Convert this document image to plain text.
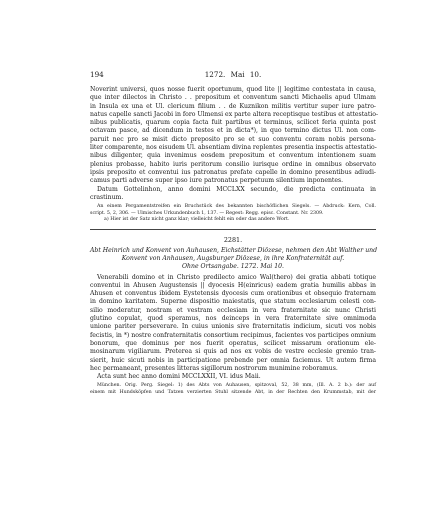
194	1272. Mai 10.
Noverint universi, quos nosse fuerit oportunum, quod lite || legitime contestata in causa,
que inter dilectos in Christo . . prepositum et conventum sancti Michaelis apud Ulmam
in Insula ex una et Ul. clericum filium . . de Kuznikon militis vertitur super iure patro-
natus capelle sancti Jacobi in foro Ulmensi ex parte altera receptisque testibus et attestatio-
nibus publicatis, quarum copia facta fuit partibus et terminus, scilicet feria quinta post
octavam pasce, ad dicendum in testes et in dicta*), in quo termino dictus Ul. non com-
paruit nec pro se misit dicto preposito pro se et suo conventu coram nobis persona-
liter comparente, nos eisudem Ul. absentiam divina replentes presentia inspectis attestatio-
nibus diligenter, quia invenimus eosdem prepositum et conventum intentionem suam
plenius probasse, habito iuris peritorum consilio iurisque ordine in omnibus observato
ipsis preposito et conventui ius patronatus prefate capelle in domino presentibus adiudi-
camus parti adverse super ipso iure patronatus perpetuum silentium inponentes.
Datum Gottelinhon, anno domini MCCLXX secundo, die predicta continuata in
crastinum.
An einem Pergamentstreifen ein Bruchstück des bekannten bischöflichen Siegels. — Abdruck: Kern, Coll.
script. 5, 2, 306. — Ulmisches Urkundenbuch 1, 137. — Regest: Regg. episc. Constant. Nr. 2309.
a) Hier ist der Satz nicht ganz klar; vielleicht fehlt ein oder das andere Wort.
2281.
Abt Heinrich und Konvent von Auhausen, Eichstätter Diözese, nehmen den Abt Walther und
Konvent von Anhausen, Augsburger Diözese, in ihre Konfraternität auf.
Ohne Ortsangabe. 1272. Mai 10.
Venerabili domino et in Christo predilecto amico Wal(thero) dei gratia abbati totique
conventui in Ahusen Augustensis || dyocesis H(einricus) eadem gratia humilis abbas in
Ahusen et conventus ibidem Eystetensis dyocesis cum orationibus et obsequio fraternam
in domino karitatem. Superne dispositio maiestatis, que statum ecclesiarum celesti con-
silio moderatur, nostram et vestram ecclesiam in vera fraternitate sic nunc Christi
glutino copulat, quod speramus, nos deinceps in vera fraternitate sive omnimoda
unione pariter perseverare. In cuius unionis sive fraternitatis indicium, sicuti vos nobis
fecistis, in *) nostre confraternitatis consortium recipimus, facientes vos participes omnium
bonorum, que dominus per nos fuerit operatus, scilicet missarum orationum ele-
mosinarum vigiliarum. Preterea si quis ad nos ex vobis de vestre ecclesie gremio tran-
sierit, huic sicuti nobis in participatione prebende per omnia faciemus. Ut autem firma
hec permaneant, presentes litteras sigillorum nostrorum munimine roboramus.
Acta sunt hec anno domini MCCLXXII, VI. idus Maii.
München. Orig. Perg. Siegel: 1) des Abts von Auhausen, spitzoval, 52, 38 mm, (Ill. A. 2 b.): der auf
einem mit Hundsköpfen und Tatzen verzierten Stuhl sitzende Abt, in der Rechten den Krummstab, mit der
